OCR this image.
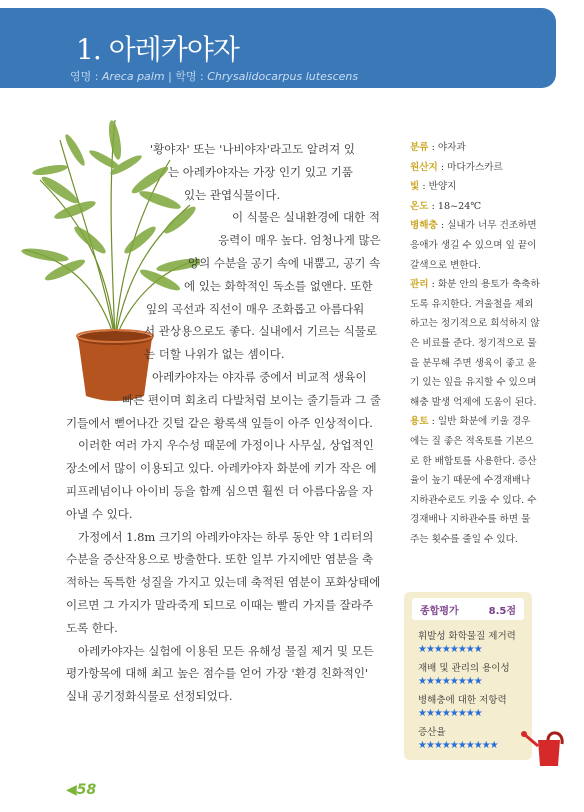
1. 아레카야자
영명 : Areca palm | 학명 : Chrysalidocarpus lutescens
'황야자' 또는 '나비야자'라고도 알려져 있
는 아레카야자는 가장 인기 있고 기품
있는 관엽식물이다.
이 식물은 실내환경에 대한 적
응력이 매우 높다. 엄청나게 많은
양의 수분을 공기 속에 내뿜고, 공기 속
에 있는 화학적인 독소를 없앤다. 또한
잎의 곡선과 직선이 매우 조화롭고 아름다워
서 관상용으로도 좋다. 실내에서 기르는 식물로
는 더할 나위가 없는 셈이다.
아레카야자는 야자류 중에서 비교적 생육이
빠른 편이며 회초리 다발처럼 보이는 줄기들과 그 줄
기들에서 뻗어나간 깃털 같은 황록색 잎들이 아주 인상적이다.
이러한 여러 가지 우수성 때문에 가정이나 사무실, 상업적인
장소에서 많이 이용되고 있다. 아레카야자 화분에 키가 작은 에
피프레넘이나 아이비 등을 함께 심으면 훨씬 더 아름다움을 자
아낼 수 있다.
가정에서 1.8m 크기의 아레카야자는 하루 동안 약 1리터의
수분을 증산작용으로 방출한다. 또한 일부 가지에만 염분을 축
적하는 독특한 성질을 가지고 있는데 축적된 염분이 포화상태에
이르면 그 가지가 말라죽게 되므로 이때는 빨리 가지를 잘라주
도록 한다.
아레카야자는 실험에 이용된 모든 유해성 물질 제거 및 모든
평가항목에 대해 최고 높은 점수를 얻어 가장 '환경 친화적인'
실내 공기정화식물로 선정되었다.
분류 : 야자과
원산지 : 마다가스카르
빛 : 반양지
온도 : 18~24℃
병해충 : 실내가 너무 건조하면
응애가 생길 수 있으며 잎 끝이
갈색으로 변한다.
관리 : 화분 안의 용토가 축축하
도록 유지한다. 겨울철을 제외
하고는 정기적으로 희석하지 않
은 비료를 준다. 정기적으로 물
을 분무해 주면 생육이 좋고 윤
기 있는 잎을 유지할 수 있으며
해충 발생 억제에 도움이 된다.
용토 : 일반 화분에 키울 경우
에는 질 좋은 적옥토를 기본으
로 한 배합토를 사용한다. 증산
율이 높기 때문에 수경재배나
지하관수로도 키울 수 있다. 수
경재배나 지하관수를 하면 물
주는 횟수를 줄일 수 있다.
종합평가	8.5점
휘발성 화학물질 제거력
★★★★★★★★
재배 및 관리의 용이성
★★★★★★★★
병해충에 대한 저항력
★★★★★★★★
증산율
★★★★★★★★★★
◀58
